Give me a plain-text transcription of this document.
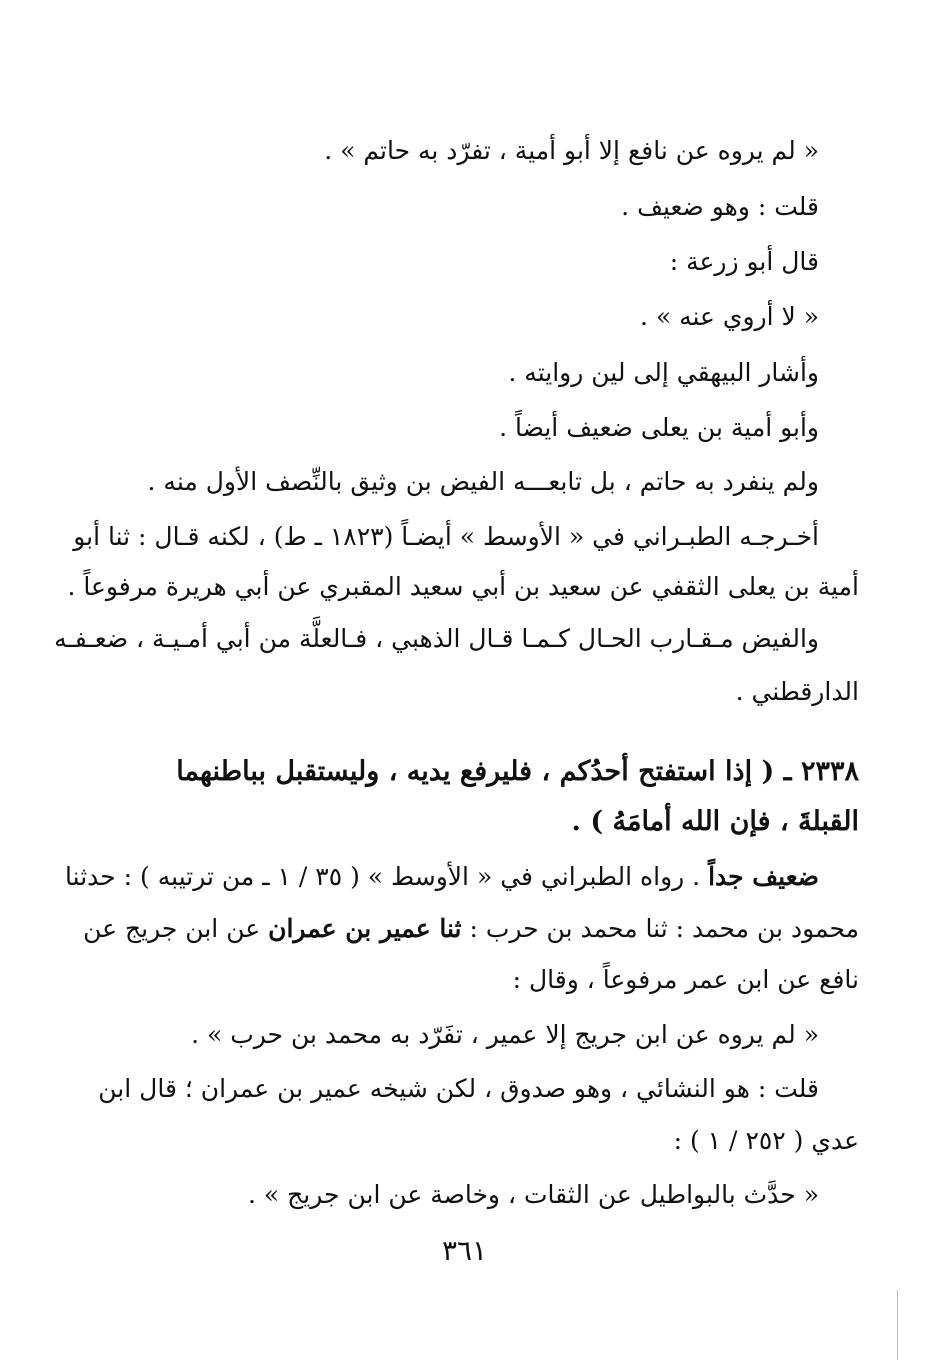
« لم يروه عن نافع إلا أبو أمية ، تفرّد به حاتم » .
قلت : وهو ضعيف .
قال أبو زرعة :
« لا أروي عنه » .
وأشار البيهقي إلى لين روايته .
وأبو أمية بن يعلى ضعيف أيضاً .
ولم ينفرد به حاتم ، بل تابعـــه الفيض بن وثيق بالنِّصف الأول منه .
أخـرجـه الطبـراني في « الأوسط » أيضـاً (١٨٢٣ ـ ط) ، لكنه قـال : ثنا أبو
أمية بن يعلى الثقفي عن سعيد بن أبي سعيد المقبري عن أبي هريرة مرفوعاً .
والفيض مـقـارب الحـال كـمـا قـال الذهبي ، فـالعلَّة من أبي أمـيـة ، ضعـفـه
الدارقطني .
٢٣٣٨ ـ ( إذا استفتح أحدُكم ، فليرفع يديه ، وليستقبل بباطنهما
القبلةَ ، فإن الله أمامَهُ ) .
ضعيف جداً . رواه الطبراني في « الأوسط » ( ٣٥ / ١ ـ من ترتيبه ) : حدثنا
محمود بن محمد : ثنا محمد بن حرب : ثنا عمير بن عمران عن ابن جريج عن
نافع عن ابن عمر مرفوعاً ، وقال :
« لم يروه عن ابن جريج إلا عمير ، تفَرّد به محمد بن حرب » .
قلت : هو النشائي ، وهو صدوق ، لكن شيخه عمير بن عمران ؛ قال ابن
عدي ( ٢٥٢ / ١ ) :
« حدَّث بالبواطيل عن الثقات ، وخاصة عن ابن جريج » .
٣٦١
